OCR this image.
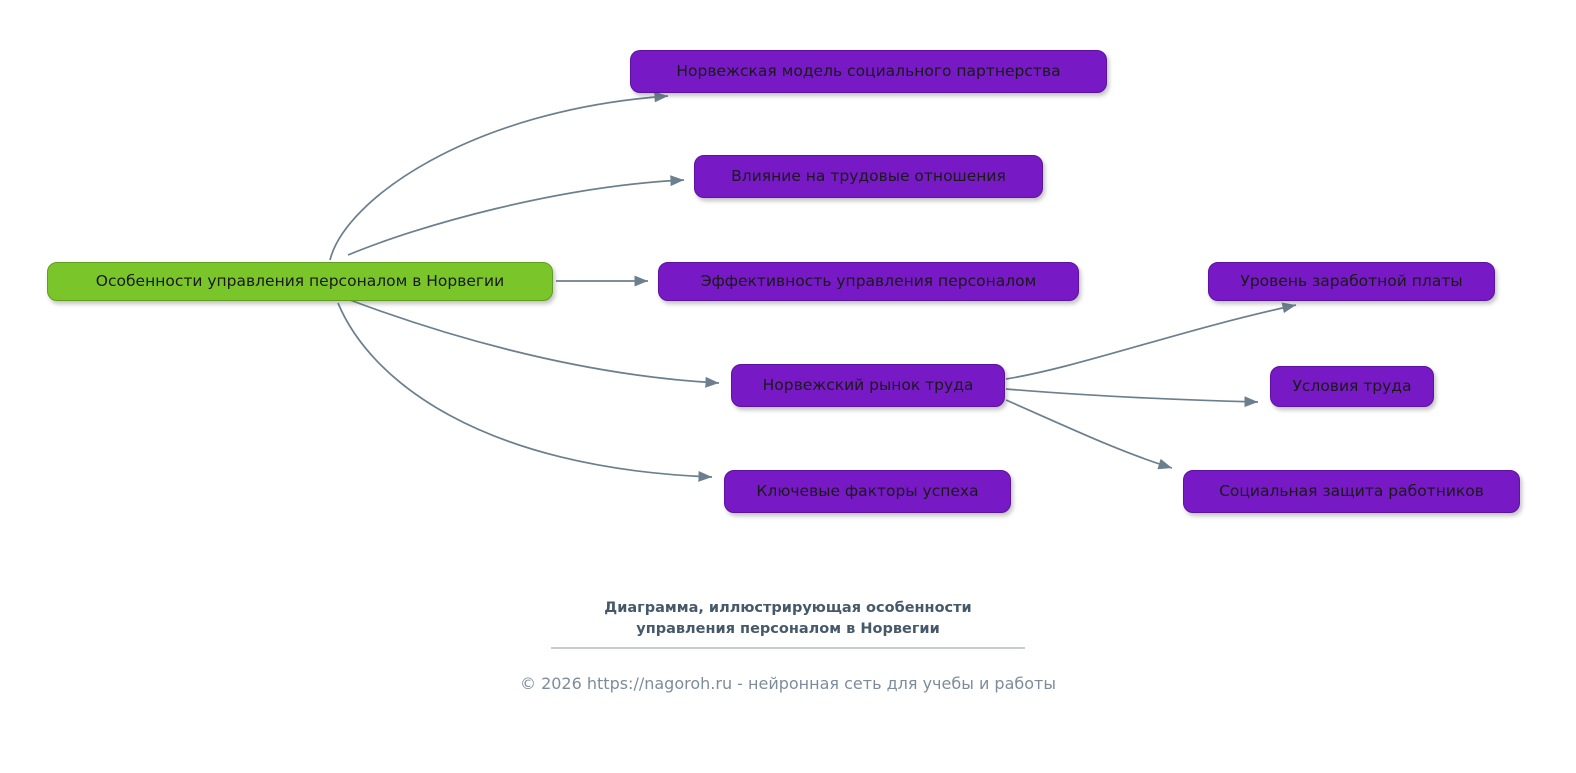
Особенности управления персоналом в Норвегии
Норвежская модель социального партнерства
Влияние на трудовые отношения
Эффективность управления персоналом
Норвежский рынок труда
Ключевые факторы успеха
Уровень заработной платы
Условия труда
Социальная защита работников
Диаграмма, иллюстрирующая особенности
управления персоналом в Норвегии
© 2026 https://nagoroh.ru - нейронная сеть для учебы и работы
